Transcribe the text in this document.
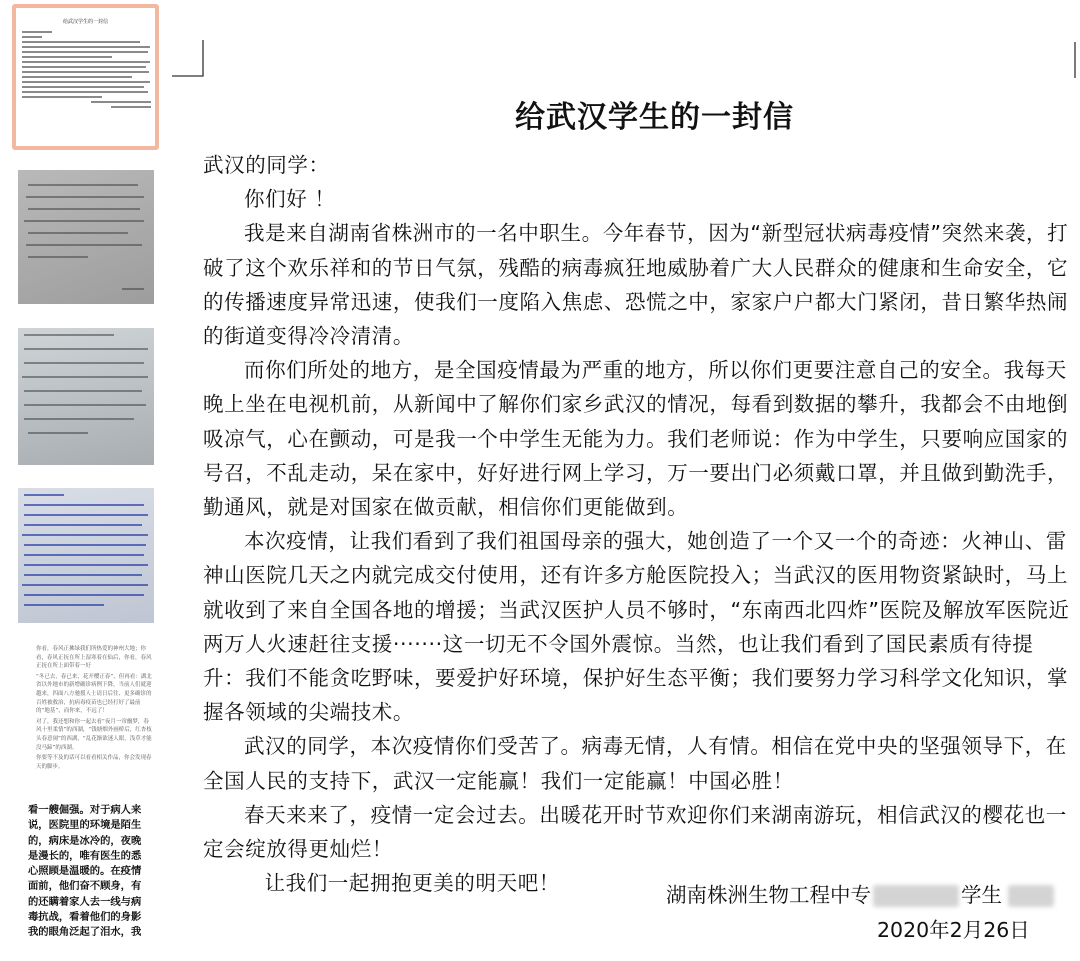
给武汉学生的一封信

你看，春风正拂绿我们所热爱的神州大地；你看，春风正抚在所上湿寒着在仙后，你看，春风正抚在所上面带着一好

“冬已去，春已来，花开樱正春”，但再看：湖北省以外地市的新增确诊病例下降，当前人们就迎越来，四面八方驰援人士请日后往、更多确诊的百姓被救治，抗病毒疫苗也已经打好了最前的“地基”，而你来，不远了！

对了，我还想和你一起去看“夜月一帘幽梦，春风十里柔情”的西湖，“钱塘烟外画桥后，红杏枝头春意闹”的西湖，“乱花渐欲迷人眼，浅草才能没马蹄”的西湖。

你要等不及的话可以看看相关作品，你会发现春天的脚步。

看一艘倔强。对于病人来说，医院里的环境是陌生的，病床是冰冷的，夜晚是漫长的，唯有医生的悉心照顾是温暖的。在疫情面前，他们奋不顾身，有的还瞒着家人去一线与病毒抗战，看着他们的身影我的眼角泛起了泪水，我

给武汉学生的一封信

武汉的同学：

你们好 ！

我是来自湖南省株洲市的一名中职生。今年春节，因为“新型冠状病毒疫情”突然来袭，打破了这个欢乐祥和的节日气氛，残酷的病毒疯狂地威胁着广大人民群众的健康和生命安全，它的传播速度异常迅速，使我们一度陷入焦虑、恐慌之中，家家户户都大门紧闭，昔日繁华热闹的街道变得冷冷清清。

而你们所处的地方，是全国疫情最为严重的地方，所以你们更要注意自己的安全。我每天晚上坐在电视机前，从新闻中了解你们家乡武汉的情况，每看到数据的攀升，我都会不由地倒吸凉气，心在颤动，可是我一个中学生无能为力。我们老师说：作为中学生，只要响应国家的号召，不乱走动，呆在家中，好好进行网上学习，万一要出门必须戴口罩，并且做到勤洗手，勤通风，就是对国家在做贡献，相信你们更能做到。

本次疫情，让我们看到了我们祖国母亲的强大，她创造了一个又一个的奇迹：火神山、雷神山医院几天之内就完成交付使用，还有许多方舱医院投入；当武汉的医用物资紧缺时，马上就收到了来自全国各地的增援；当武汉医护人员不够时，“东南西北四炸”医院及解放军医院近两万人火速赶往支援·······这一切无不令国外震惊。当然，也让我们看到了国民素质有待提升：我们不能贪吃野味，要爱护好环境，保护好生态平衡；我们要努力学习科学文化知识，掌握各领域的尖端技术。

武汉的同学，本次疫情你们受苦了。病毒无情，人有情。相信在党中央的坚强领导下，在全国人民的支持下，武汉一定能赢！我们一定能赢！中国必胜！

春天来来了，疫情一定会过去。出暖花开时节欢迎你们来湖南游玩，相信武汉的樱花也一定会绽放得更灿烂！

让我们一起拥抱更美的明天吧！	湖南株洲生物工程中专	学生
2020年2月26日
